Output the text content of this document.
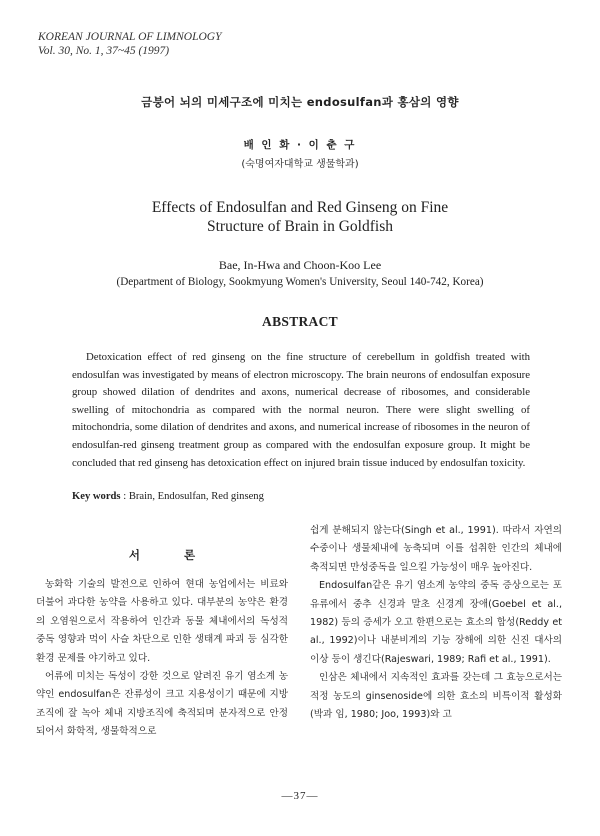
KOREAN JOURNAL OF LIMNOLOGY
Vol. 30, No. 1, 37~45 (1997)
금붕어 뇌의 미세구조에 미치는 endosulfan과 홍삼의 영향
배 인 화 · 이 춘 구
(숙명여자대학교 생물학과)
Effects of Endosulfan and Red Ginseng on Fine
Structure of Brain in Goldfish
Bae, In-Hwa and Choon-Koo Lee
(Department of Biology, Sookmyung Women's University, Seoul 140-742, Korea)
ABSTRACT

Detoxication effect of red ginseng on the fine structure of cerebellum in goldfish treated with endosulfan was investigated by means of electron microscopy. The brain neurons of endosulfan exposure group showed dilation of dendrites and axons, numerical decrease of ribosomes, and considerable swelling of mitochondria as compared with the normal neuron. There were slight swelling of mitochondria, some dilation of dendrites and axons, and numerical increase of ribosomes in the neuron of endosulfan-red ginseng treatment group as compared with the endosulfan exposure group. It might be concluded that red ginseng has detoxication effect on injured brain tissue induced by endosulfan toxicity.

Key words : Brain, Endosulfan, Red ginseng
서 론

농화학 기술의 발전으로 인하여 현대 농업에서는 비료와 더불어 과다한 농약을 사용하고 있다. 대부분의 농약은 환경의 오염원으로서 작용하여 인간과 동물 체내에서의 독성적 중독 영향과 먹이 사슬 차단으로 인한 생태계 파괴 등 심각한 환경 문제를 야기하고 있다.

어류에 미치는 독성이 강한 것으로 알려진 유기 염소계 농약인 endosulfan은 잔류성이 크고 지용성이기 때문에 지방조직에 잘 녹아 체내 지방조직에 축적되며 분자적으로 안정되어서 화학적, 생물학적으로

쉽게 분해되지 않는다(Singh et al., 1991). 따라서 자연의 수중이나 생물체내에 농축되며 이를 섭취한 인간의 체내에 축적되면 만성중독을 일으킬 가능성이 매우 높아진다.

Endosulfan같은 유기 염소계 농약의 중독 증상으로는 포유류에서 중추 신경과 말초 신경계 장애(Goebel et al., 1982) 등의 증세가 오고 한편으로는 효소의 합성(Reddy et al., 1992)이나 내분비계의 기능 장해에 의한 신진 대사의 이상 등이 생긴다(Rajeswari, 1989; Rafi et al., 1991).

인삼은 체내에서 지속적인 효과를 갖는데 그 효능으로서는 적정 농도의 ginsenoside에 의한 효소의 비특이적 활성화(박과 임, 1980; Joo, 1993)와 고

—37—
